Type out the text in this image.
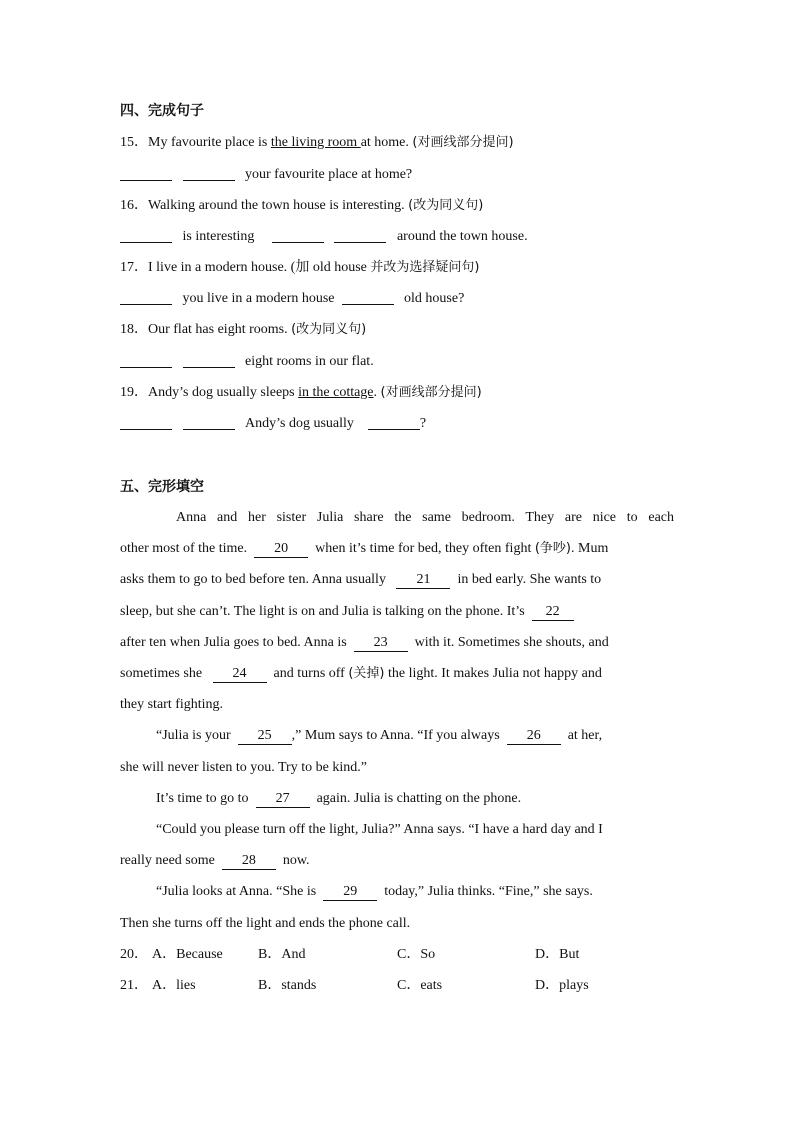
四、完成句子
15．My favourite place is the living room at home. (对画线部分提问)
your favourite place at home?
16．Walking around the town house is interesting. (改为同义句)
is interesting	around the town house.
17．I live in a modern house. (加 old house 并改为选择疑问句)
you live in a modern house	old house?
18．Our flat has eight rooms. (改为同义句)
eight rooms in our flat.
19．Andy’s dog usually sleeps in the cottage. (对画线部分提问)
Andy’s dog usually	?
五、完形填空
Anna and her sister Julia share the same bedroom. They are nice to each
other most of the time. 20 when it’s time for bed, they often fight (争吵). Mum
asks them to go to bed before ten. Anna usually 21 in bed early. She wants to
sleep, but she can’t. The light is on and Julia is talking on the phone. It’s 22
after ten when Julia goes to bed. Anna is 23 with it. Sometimes she shouts, and
sometimes she 24 and turns off (关掉) the light. It makes Julia not happy and
they start fighting.
“Julia is your 25 ,” Mum says to Anna. “If you always 26 at her,
she will never listen to you. Try to be kind.”
It’s time to go to 27 again. Julia is chatting on the phone.
“Could you please turn off the light, Julia?” Anna says. “I have a hard day and I
really need some 28 now.
“Julia looks at Anna. “She is 29 today,” Julia thinks. “Fine,” she says.
Then she turns off the light and ends the phone call.
20． A．Because	B．And	C．So	D．But
21． A．lies	B．stands	C．eats	D．plays
